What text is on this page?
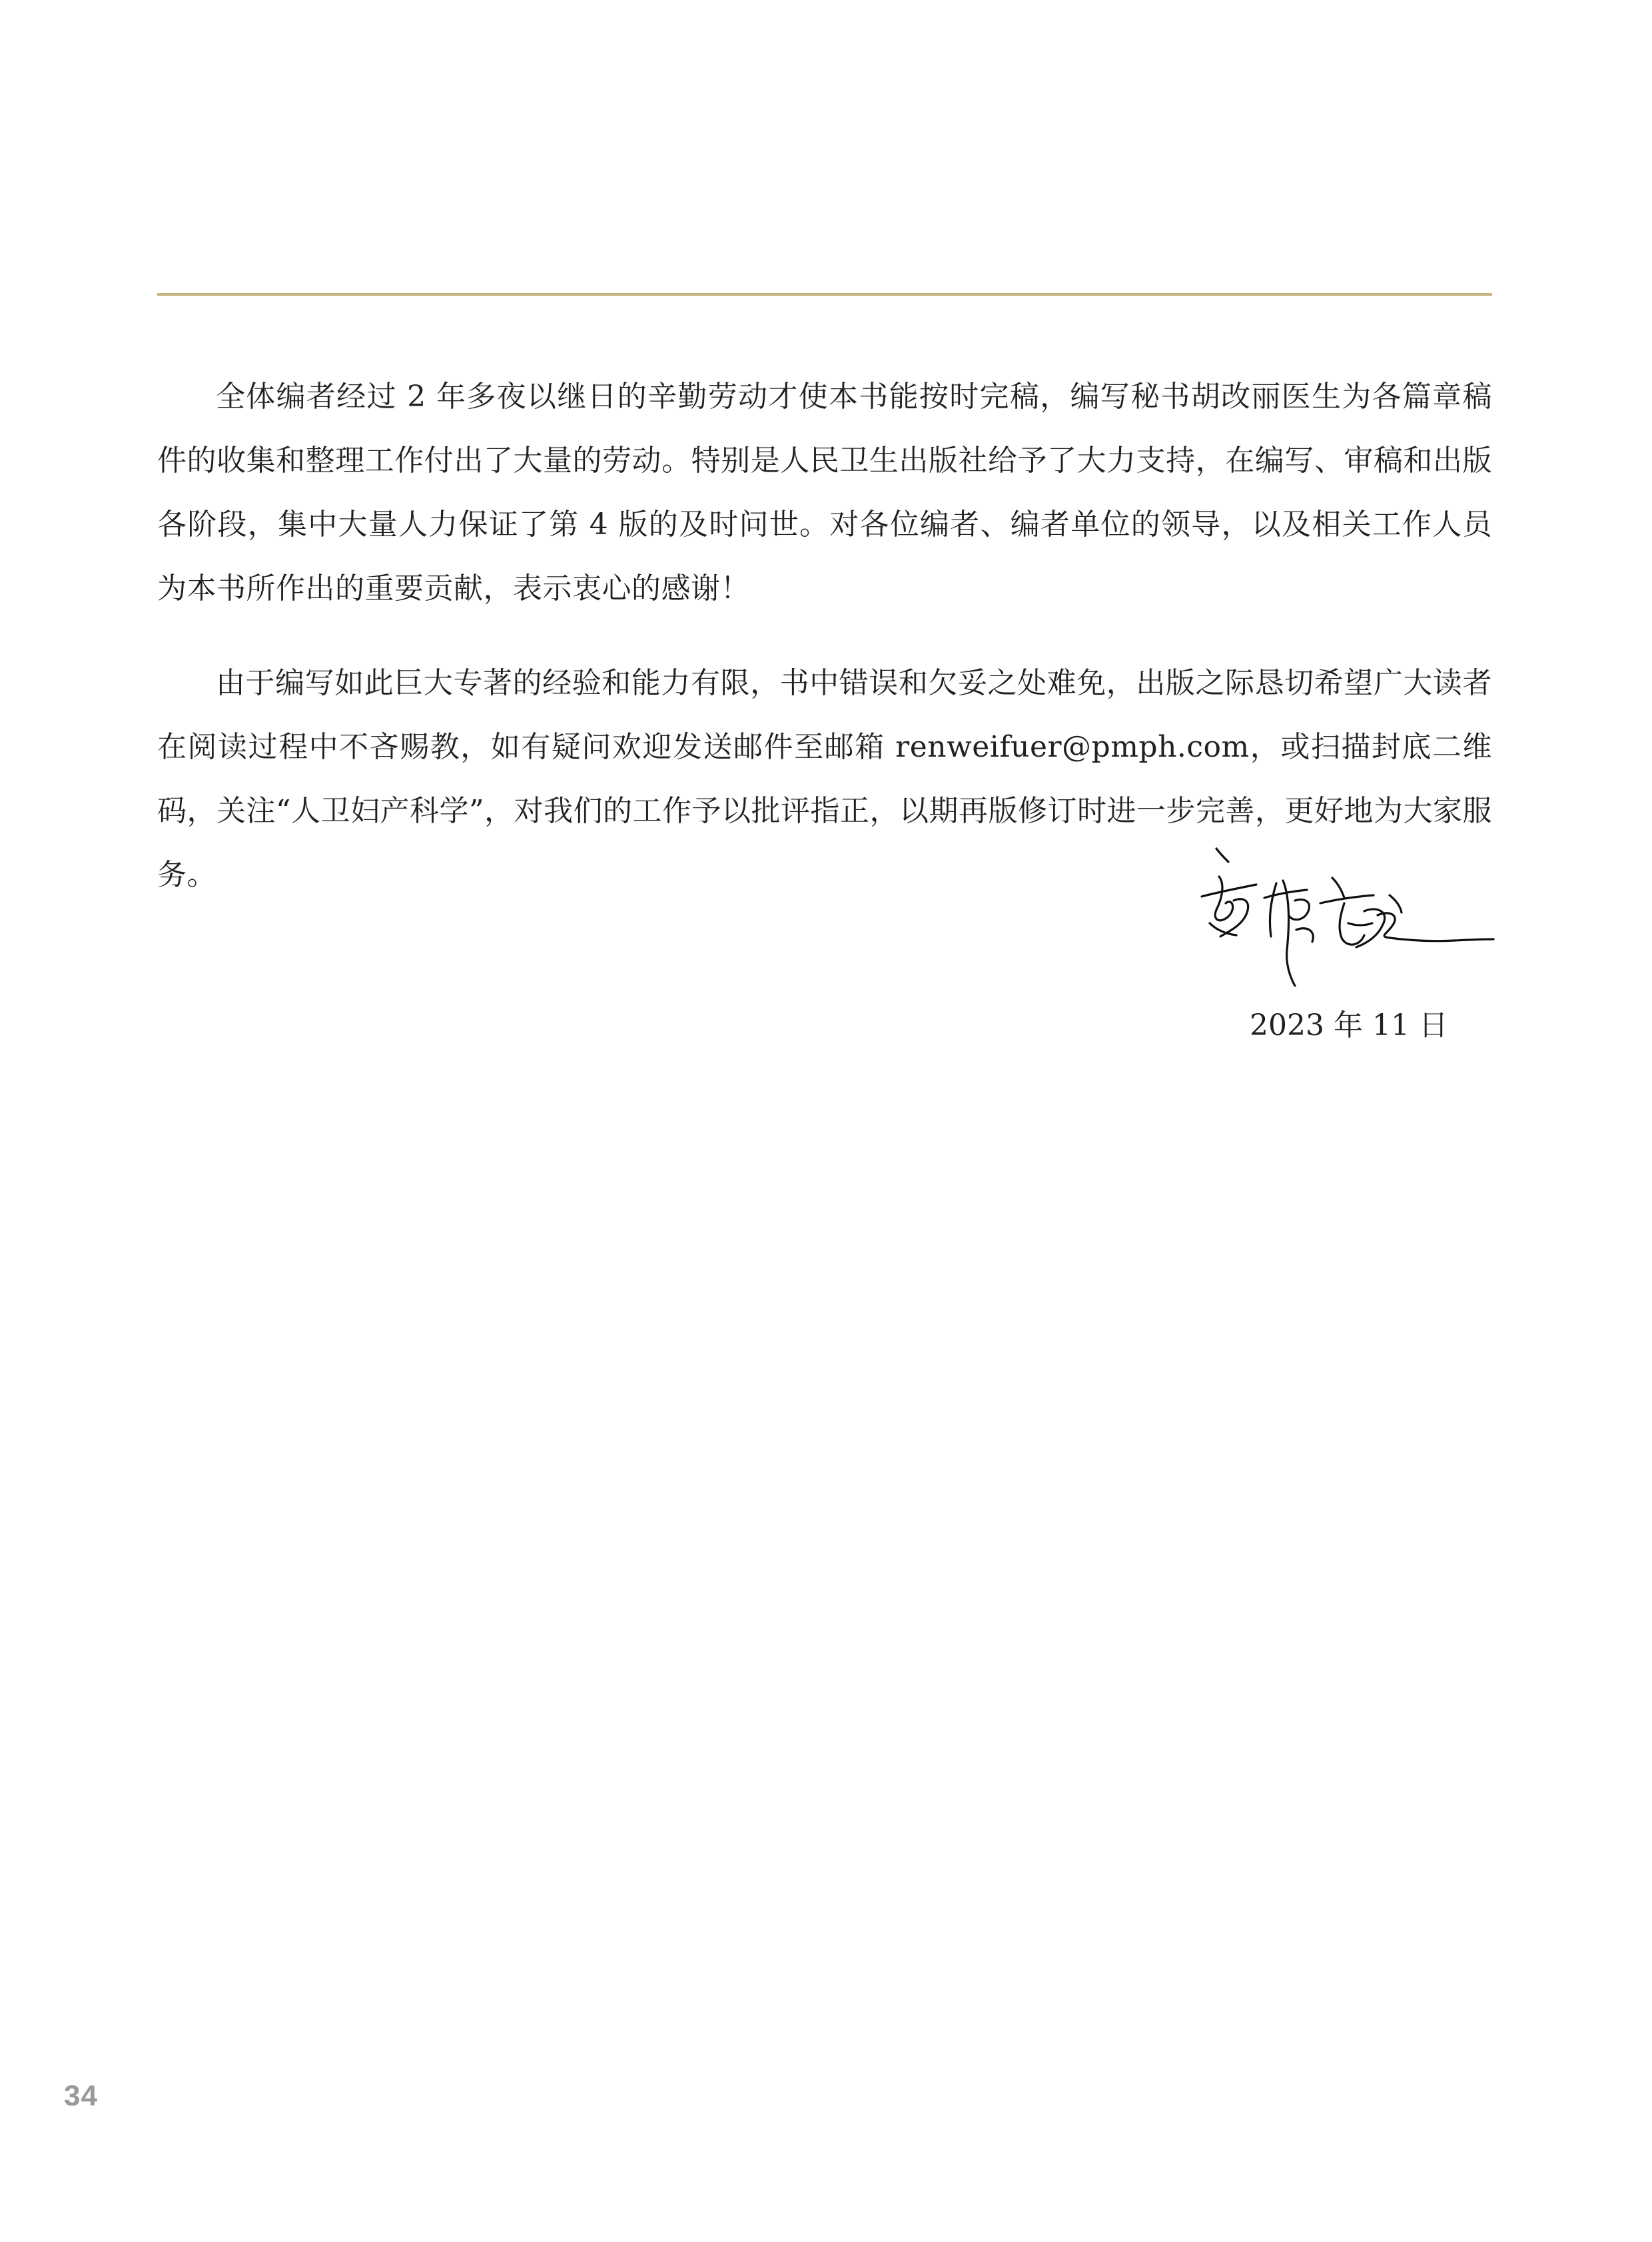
全体编者经过 2 年多夜以继日的辛勤劳动才使本书能按时完稿，编写秘书胡改丽医生为各篇章稿件的收集和整理工作付出了大量的劳动。特别是人民卫生出版社给予了大力支持，在编写、审稿和出版各阶段，集中大量人力保证了第 4 版的及时问世。对各位编者、编者单位的领导，以及相关工作人员为本书所作出的重要贡献，表示衷心的感谢！

由于编写如此巨大专著的经验和能力有限，书中错误和欠妥之处难免，出版之际恳切希望广大读者在阅读过程中不吝赐教，如有疑问欢迎发送邮件至邮箱 renweifuer@pmph.com，或扫描封底二维码，关注“人卫妇产科学”，对我们的工作予以批评指正，以期再版修订时进一步完善，更好地为大家服务。

2023 年 11 日
34
